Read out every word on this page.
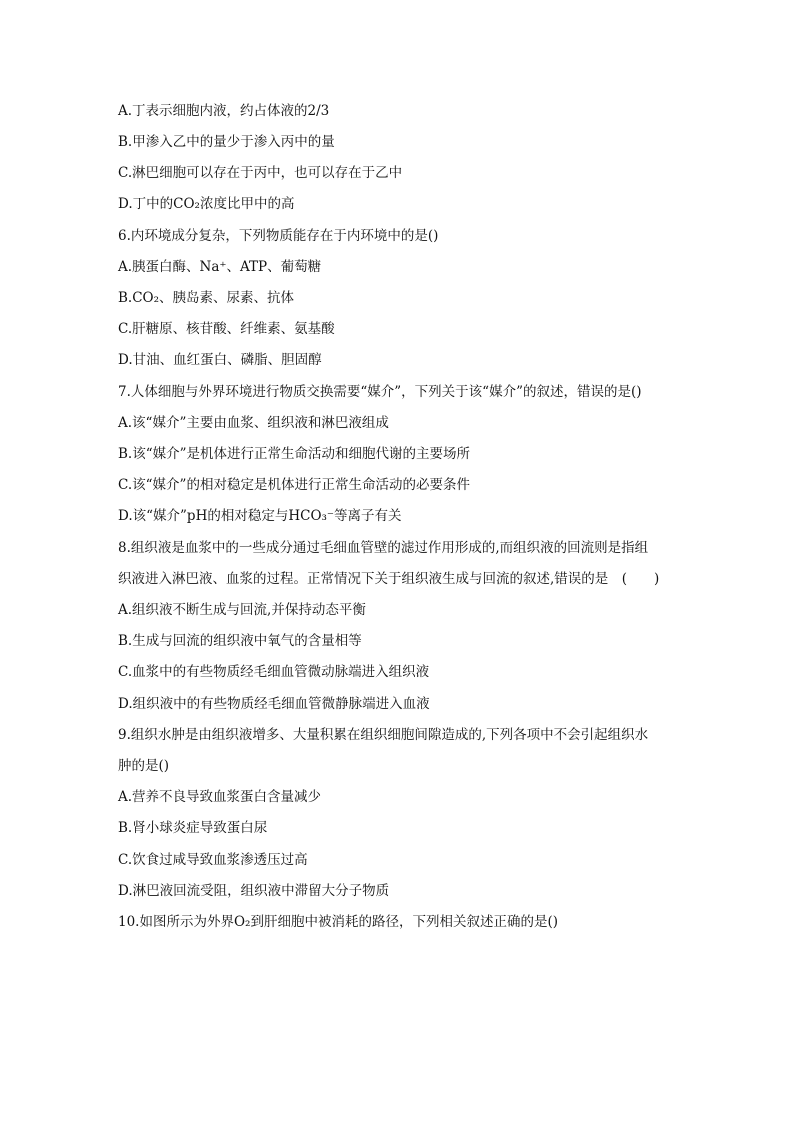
A.丁表示细胞内液，约占体液的2/3
B.甲渗入乙中的量少于渗入丙中的量
C.淋巴细胞可以存在于丙中，也可以存在于乙中
D.丁中的CO₂浓度比甲中的高
6.内环境成分复杂，下列物质能存在于内环境中的是()
A.胰蛋白酶、Na⁺、ATP、葡萄糖
B.CO₂、胰岛素、尿素、抗体
C.肝糖原、核苷酸、纤维素、氨基酸
D.甘油、血红蛋白、磷脂、胆固醇
7.人体细胞与外界环境进行物质交换需要“媒介”，下列关于该“媒介”的叙述，错误的是()
A.该“媒介”主要由血浆、组织液和淋巴液组成
B.该“媒介”是机体进行正常生命活动和细胞代谢的主要场所
C.该“媒介”的相对稳定是机体进行正常生命活动的必要条件
D.该“媒介”pH的相对稳定与HCO₃⁻等离子有关
8.组织液是血浆中的一些成分通过毛细血管壁的滤过作用形成的,而组织液的回流则是指组
织液进入淋巴液、血浆的过程。正常情况下关于组织液生成与回流的叙述,错误的是　(　　)
A.组织液不断生成与回流,并保持动态平衡
B.生成与回流的组织液中氧气的含量相等
C.血浆中的有些物质经毛细血管微动脉端进入组织液
D.组织液中的有些物质经毛细血管微静脉端进入血液
9.组织水肿是由组织液增多、大量积累在组织细胞间隙造成的,下列各项中不会引起组织水
肿的是()
A.营养不良导致血浆蛋白含量减少
B.肾小球炎症导致蛋白尿
C.饮食过咸导致血浆渗透压过高
D.淋巴液回流受阻，组织液中滞留大分子物质
10.如图所示为外界O₂到肝细胞中被消耗的路径，下列相关叙述正确的是()
